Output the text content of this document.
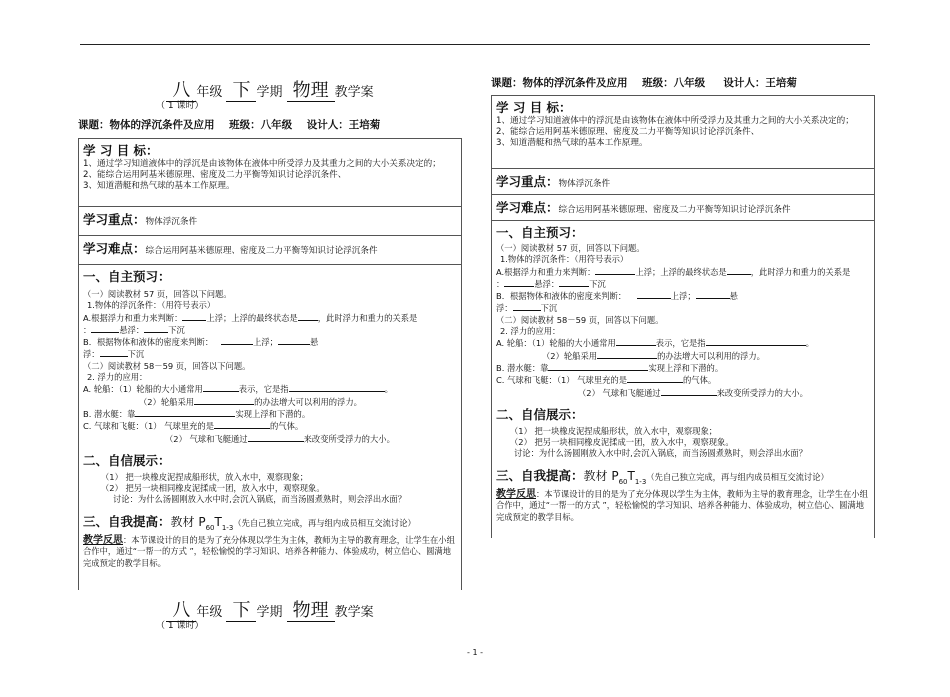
八 年级 下 学期 物理 教学案
（ 1 课时）
课题：物体的浮沉条件及应用 班级：八年级 设计人：王培菊
学 习 目 标：
1、通过学习知道液体中的浮沉是由该物体在液体中所受浮力及其重力之间的大小关系决定的；
2、能综合运用阿基米德原理、密度及二力平衡等知识讨论浮沉条件、
3、知道潜艇和热气球的基本工作原理。
学习重点：物体浮沉条件
学习难点：综合运用阿基米德原理、密度及二力平衡等知识讨论浮沉条件
一、自主预习：
（一）阅读教材 57 页，回答以下问题。
1.物体的浮沉条件：（用符号表示）
A.根据浮力和重力来判断：	上浮；上浮的最终状态是 ，此时浮力和重力的关系是
：	悬浮：	下沉
B．根据物体和液体的密度来判断：	上浮；	悬
浮：	下沉
（二）阅读教材 58－59 页，回答以下问题。
2. 浮力的应用：
A. 轮船：（1）轮船的大小通常用	表示，它是指	。
（2）轮船采用	的办法增大可以利用的浮力。
B. 潜水艇：靠	实现上浮和下潜的。
C. 气球和飞艇：（1） 气球里充的是	的气体。
（2） 气球和飞艇通过	来改变所受浮力的大小。
二、自信展示：
（1） 把一块橡皮泥捏成船形状，放入水中，观察现象；
（2） 把另一块相同橡皮泥揉成一团，放入水中，观察现象。
讨论：为什么汤圆刚放入水中时,会沉入锅底，而当汤圆煮熟时，则会浮出水面？
三、自我提高：教材 $P_{60}T_{1-3}$（先自己独立完成，再与组内成员相互交流讨论）
教学反思：本节课设计的目的是为了充分体现以学生为主体，教师为主导的教育理念，让学生在小组合作中，通过“一帮一的方式 ”，轻松愉悦的学习知识、培养各种能力、体验成功，树立信心、圆满地完成预定的教学目标。
八 年级 下 学期 物理 教学案
（ 1 课时）
课题：物体的浮沉条件及应用 班级：八年级 设计人：王培菊
学 习 目 标：
1、通过学习知道液体中的浮沉是由该物体在液体中所受浮力及其重力之间的大小关系决定的；
2、能综合运用阿基米德原理、密度及二力平衡等知识讨论浮沉条件、
3、知道潜艇和热气球的基本工作原理。
学习重点：物体浮沉条件
学习难点：综合运用阿基米德原理、密度及二力平衡等知识讨论浮沉条件
一、自主预习：
（一）阅读教材 57 页，回答以下问题。
1.物体的浮沉条件：（用符号表示）
A.根据浮力和重力来判断：	上浮；上浮的最终状态是	，此时浮力和重力的关系是
：	悬浮：	下沉
B．根据物体和液体的密度来判断：	上浮；	悬
浮：	下沉
（二）阅读教材 58－59 页，回答以下问题。
2. 浮力的应用：
A. 轮船：（1）轮船的大小通常用	表示，它是指	。
（2）轮船采用	的办法增大可以利用的浮力。
B. 潜水艇：靠	实现上浮和下潜的。
C. 气球和飞艇：（1） 气球里充的是	的气体。
（2） 气球和飞艇通过	来改变所受浮力的大小。
二、自信展示：
（1） 把一块橡皮泥捏成船形状，放入水中，观察现象；
（2） 把另一块相同橡皮泥揉成一团，放入水中，观察现象。
讨论：为什么汤圆刚放入水中时,会沉入锅底，而当汤圆煮熟时，则会浮出水面？
三、自我提高：教材 $P_{60}T_{1-3}$（先自己独立完成，再与组内成员相互交流讨论）
教学反思：本节课设计的目的是为了充分体现以学生为主体，教师为主导的教育理念，让学生在小组合作中，通过“一帮一的方式 ”，轻松愉悦的学习知识、培养各种能力、体验成功，树立信心、圆满地完成预定的教学目标。
- 1 -
